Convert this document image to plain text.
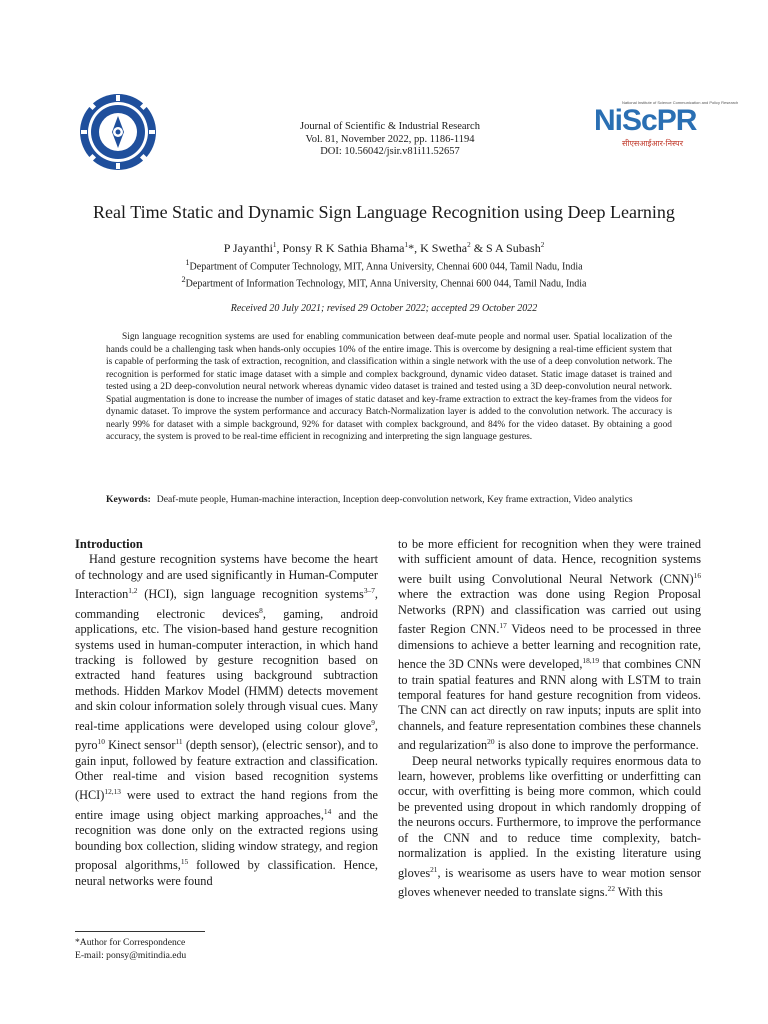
Journal of Scientific & Industrial Research
Vol. 81, November 2022, pp. 1186-1194
DOI: 10.56042/jsir.v81i11.52657
National Institute of Science Communication and Policy Research
NiScPR
सीएसआईआर-निस्पर
Real Time Static and Dynamic Sign Language Recognition using Deep Learning
P Jayanthi$^1$, Ponsy R K Sathia Bhama$^1$*, K Swetha$^2$ & S A Subash$^2$
$^1$Department of Computer Technology, MIT, Anna University, Chennai 600 044, Tamil Nadu, India
$^2$Department of Information Technology, MIT, Anna University, Chennai 600 044, Tamil Nadu, India
Received 20 July 2021; revised 29 October 2022; accepted 29 October 2022

Sign language recognition systems are used for enabling communication between deaf-mute people and normal user. Spatial localization of the hands could be a challenging task when hands-only occupies 10% of the entire image. This is overcome by designing a real-time efficient system that is capable of performing the task of extraction, recognition, and classification within a single network with the use of a deep convolution network. The recognition is performed for static image dataset with a simple and complex background, dynamic video dataset. Static image dataset is trained and tested using a 2D deep-convolution neural network whereas dynamic video dataset is trained and tested using a 3D deep-convolution neural network. Spatial augmentation is done to increase the number of images of static dataset and key-frame extraction to extract the key-frames from the videos for dynamic dataset. To improve the system performance and accuracy Batch-Normalization layer is added to the convolution network. The accuracy is nearly 99% for dataset with a simple background, 92% for dataset with complex background, and 84% for the video dataset. By obtaining a good accuracy, the system is proved to be real-time efficient in recognizing and interpreting the sign language gestures.

Keywords: Deaf-mute people, Human-machine interaction, Inception deep-convolution network, Key frame extraction, Video analytics
Introduction

Hand gesture recognition systems have become the heart of technology and are used significantly in Human-Computer Interaction$^{1,2}$ (HCI), sign language recognition systems$^{3-7}$, commanding electronic devices$^8$, gaming, android applications, etc. The vision-based hand gesture recognition systems used in human-computer interaction, in which hand tracking is followed by gesture recognition based on extracted hand features using background subtraction methods. Hidden Markov Model (HMM) detects movement and skin colour information solely through visual cues. Many real-time applications were developed using colour glove$^9$, pyro$^{10}$ Kinect sensor$^{11}$ (depth sensor), (electric sensor), and to gain input, followed by feature extraction and classification. Other real-time and vision based recognition systems (HCI)$^{12,13}$ were used to extract the hand regions from the entire image using object marking approaches,$^{14}$ and the recognition was done only on the extracted regions using bounding box collection, sliding window strategy, and region proposal algorithms,$^{15}$ followed by classification. Hence, neural networks were found

to be more efficient for recognition when they were trained with sufficient amount of data. Hence, recognition systems were built using Convolutional Neural Network (CNN)$^{16}$ where the extraction was done using Region Proposal Networks (RPN) and classification was carried out using faster Region CNN.$^{17}$ Videos need to be processed in three dimensions to achieve a better learning and recognition rate, hence the 3D CNNs were developed,$^{18,19}$ that combines CNN to train spatial features and RNN along with LSTM to train temporal features for hand gesture recognition from videos. The CNN can act directly on raw inputs; inputs are split into channels, and feature representation combines these channels and regularization$^{20}$ is also done to improve the performance.

Deep neural networks typically requires enormous data to learn, however, problems like overfitting or underfitting can occur, with overfitting is being more common, which could be prevented using dropout in which randomly dropping of the neurons occurs. Furthermore, to improve the performance of the CNN and to reduce time complexity, batch-normalization is applied. In the existing literature using gloves$^{21}$, is wearisome as users have to wear motion sensor gloves whenever needed to translate signs.$^{22}$ With this

*Author for Correspondence
E-mail: ponsy@mitindia.edu
